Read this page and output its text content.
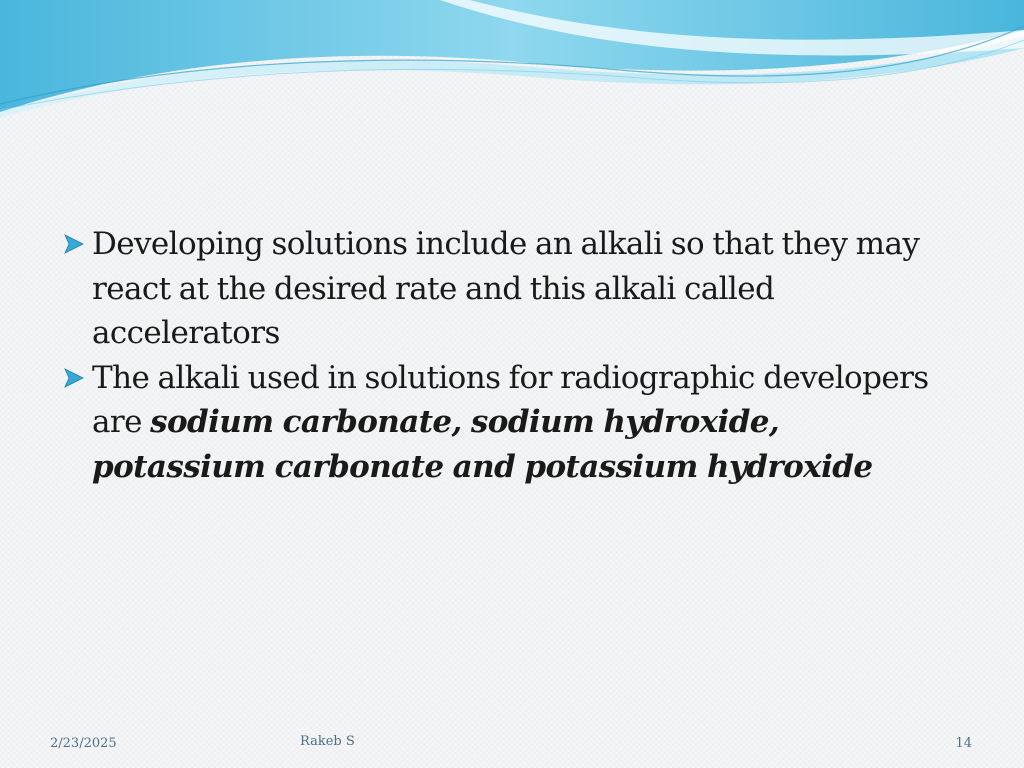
Developing solutions include an alkali so that they may react at the desired rate and this alkali called accelerators
The alkali used in solutions for radiographic developers are sodium carbonate, sodium hydroxide, potassium carbonate and potassium hydroxide
2/23/2025	Rakeb S	14
